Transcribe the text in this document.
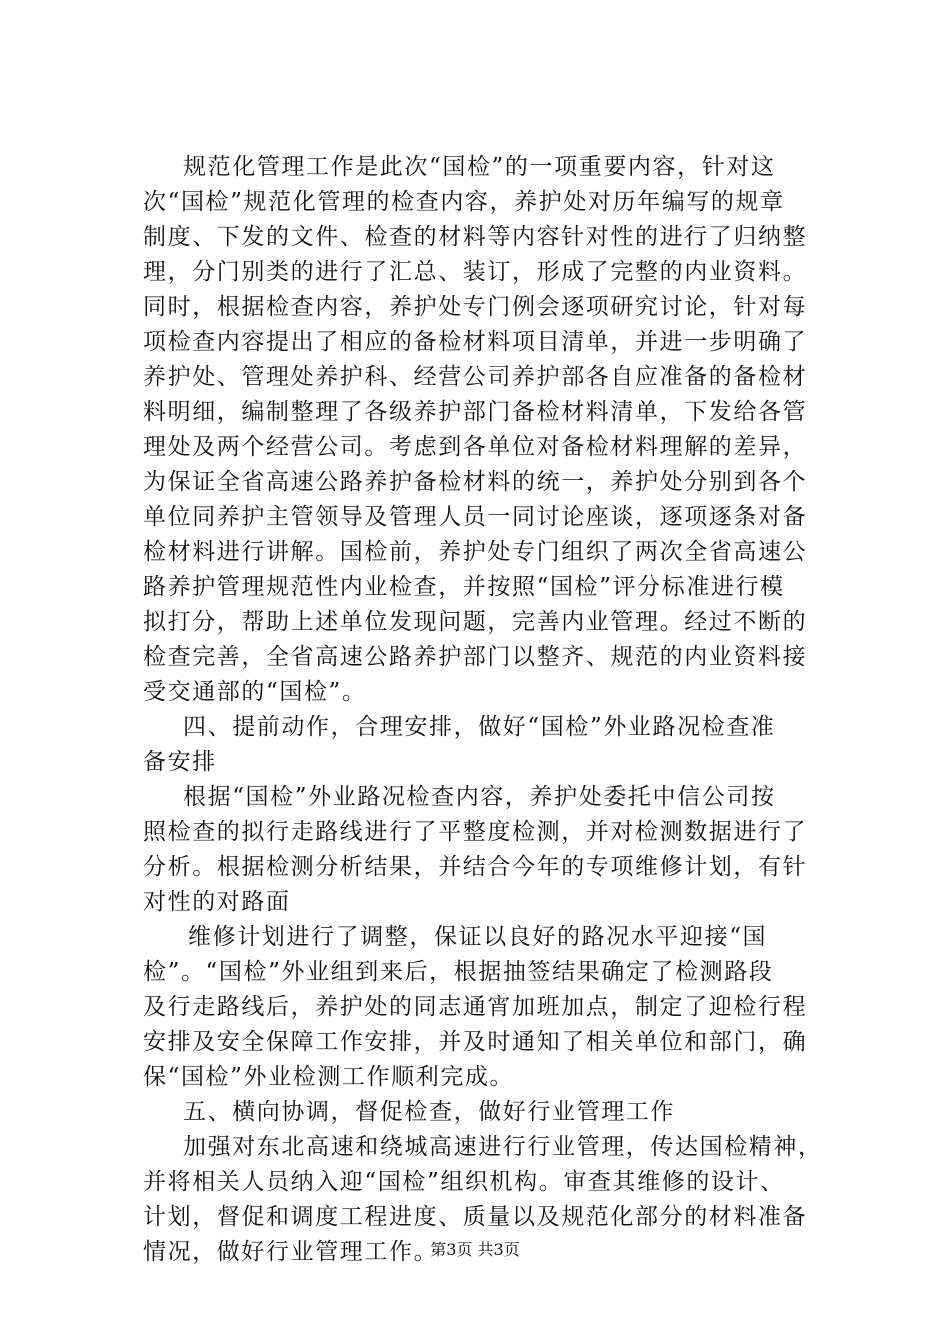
规范化管理工作是此次“国检”的一项重要内容，针对这
次“国检”规范化管理的检查内容，养护处对历年编写的规章
制度、下发的文件、检查的材料等内容针对性的进行了归纳整
理，分门别类的进行了汇总、装订，形成了完整的内业资料。
同时，根据检查内容，养护处专门例会逐项研究讨论，针对每
项检查内容提出了相应的备检材料项目清单，并进一步明确了
养护处、管理处养护科、经营公司养护部各自应准备的备检材
料明细，编制整理了各级养护部门备检材料清单，下发给各管
理处及两个经营公司。考虑到各单位对备检材料理解的差异，
为保证全省高速公路养护备检材料的统一，养护处分别到各个
单位同养护主管领导及管理人员一同讨论座谈，逐项逐条对备
检材料进行讲解。国检前，养护处专门组织了两次全省高速公
路养护管理规范性内业检查，并按照“国检”评分标准进行模
拟打分，帮助上述单位发现问题，完善内业管理。经过不断的
检查完善，全省高速公路养护部门以整齐、规范的内业资料接
受交通部的“国检”。
四、提前动作，合理安排，做好“国检”外业路况检查准
备安排
根据“国检”外业路况检查内容，养护处委托中信公司按
照检查的拟行走路线进行了平整度检测，并对检测数据进行了
分析。根据检测分析结果，并结合今年的专项维修计划，有针
对性的对路面
维修计划进行了调整，保证以良好的路况水平迎接“国
检”。“国检”外业组到来后，根据抽签结果确定了检测路段
及行走路线后，养护处的同志通宵加班加点，制定了迎检行程
安排及安全保障工作安排，并及时通知了相关单位和部门，确
保“国检”外业检测工作顺利完成。
五、横向协调，督促检查，做好行业管理工作
加强对东北高速和绕城高速进行行业管理，传达国检精神，
并将相关人员纳入迎“国检”组织机构。审查其维修的设计、
计划，督促和调度工程进度、质量以及规范化部分的材料准备
情况，做好行业管理工作。
第3页 共3页
